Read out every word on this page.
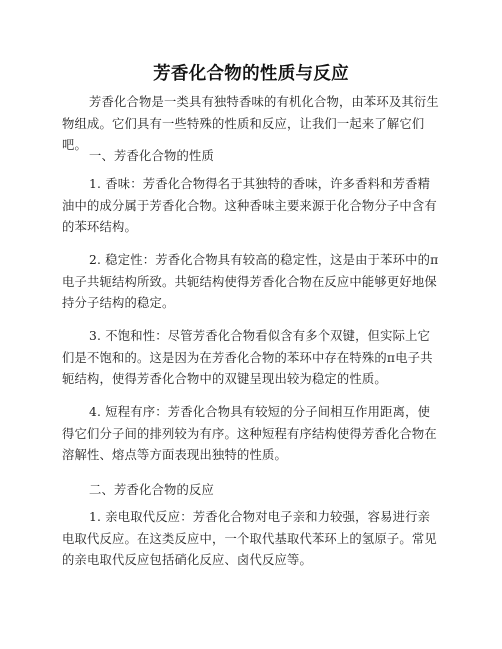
芳香化合物的性质与反应

芳香化合物是一类具有独特香味的有机化合物，由苯环及其衍生物组成。它们具有一些特殊的性质和反应，让我们一起来了解它们吧。

一、芳香化合物的性质

1. 香味：芳香化合物得名于其独特的香味，许多香料和芳香精油中的成分属于芳香化合物。这种香味主要来源于化合物分子中含有的苯环结构。

2. 稳定性：芳香化合物具有较高的稳定性，这是由于苯环中的π电子共轭结构所致。共轭结构使得芳香化合物在反应中能够更好地保持分子结构的稳定。

3. 不饱和性：尽管芳香化合物看似含有多个双键，但实际上它们是不饱和的。这是因为在芳香化合物的苯环中存在特殊的π电子共轭结构，使得芳香化合物中的双键呈现出较为稳定的性质。

4. 短程有序：芳香化合物具有较短的分子间相互作用距离，使得它们分子间的排列较为有序。这种短程有序结构使得芳香化合物在溶解性、熔点等方面表现出独特的性质。

二、芳香化合物的反应

1. 亲电取代反应：芳香化合物对电子亲和力较强，容易进行亲电取代反应。在这类反应中，一个取代基取代苯环上的氢原子。常见的亲电取代反应包括硝化反应、卤代反应等。
